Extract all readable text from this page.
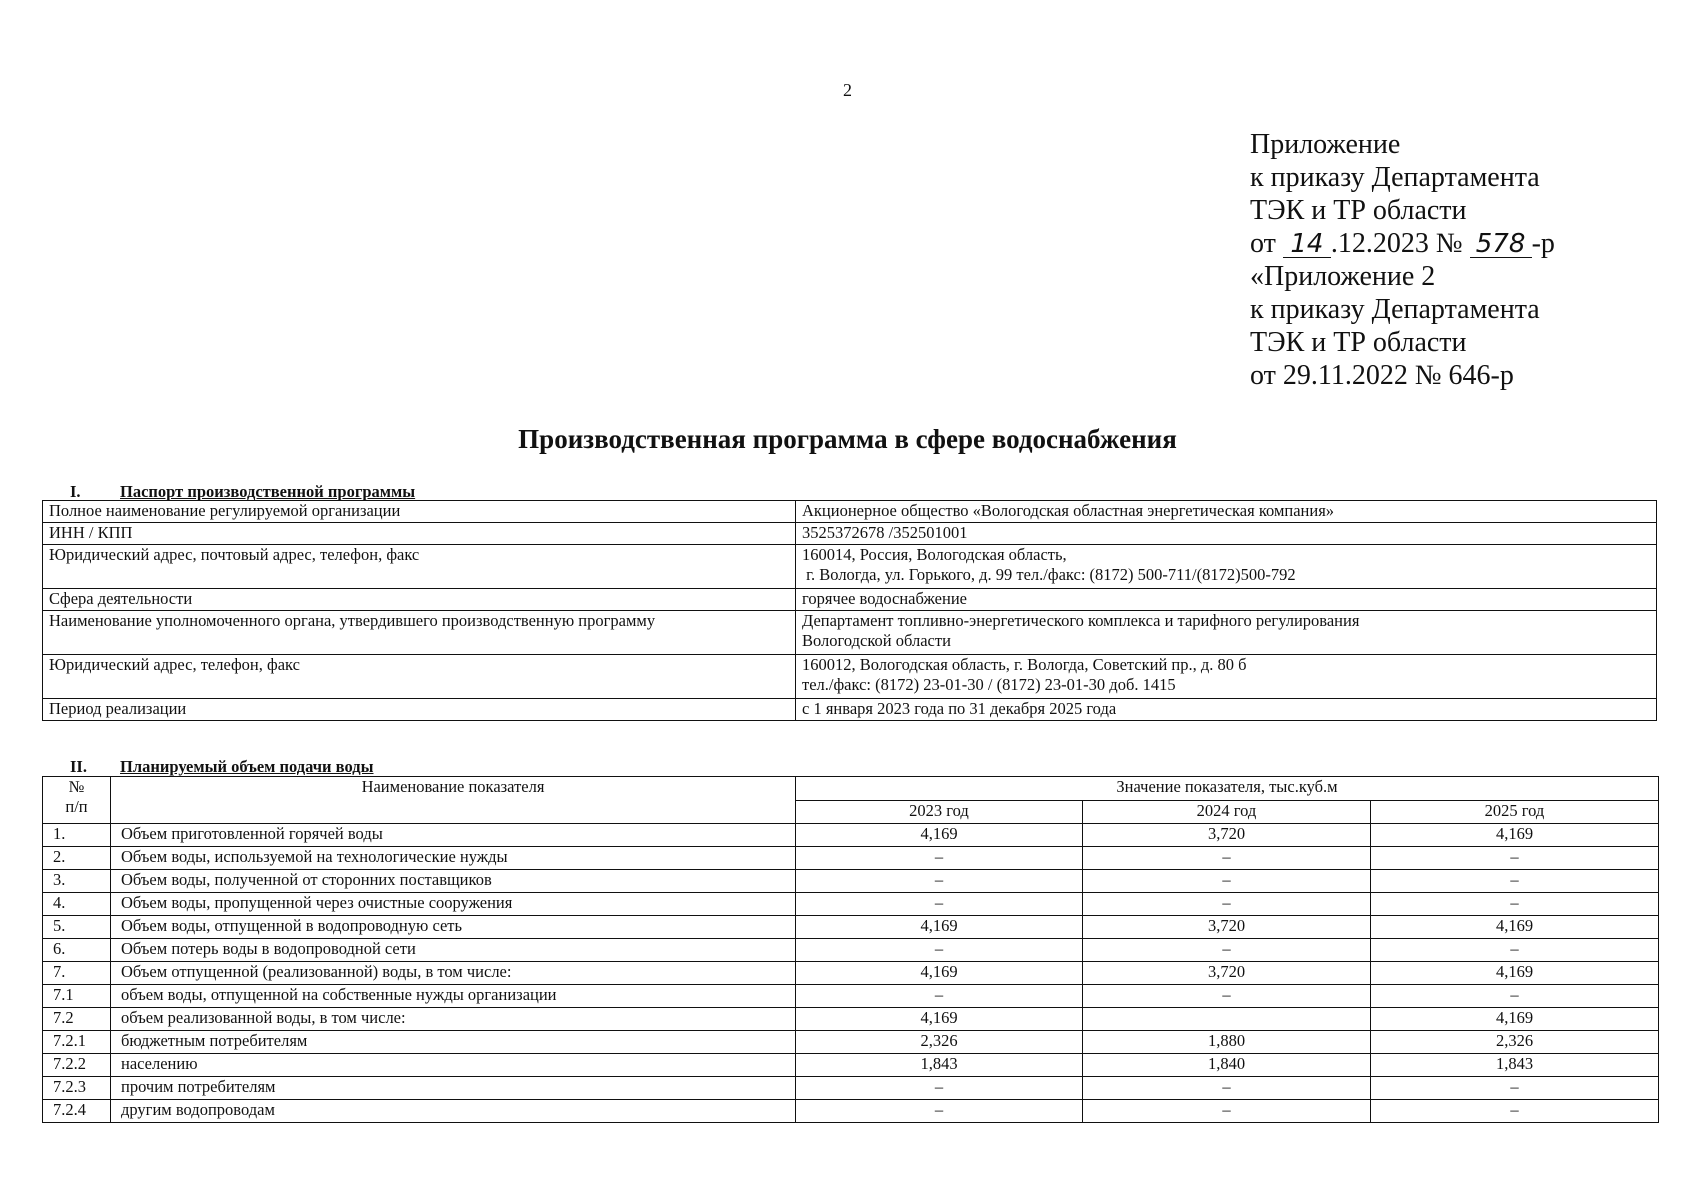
2
Приложение
к приказу Департамента
ТЭК и ТР области
от 14 .12.2023 № 578 -р
«Приложение 2
к приказу Департамента
ТЭК и ТР области
от 29.11.2022 № 646-р
Производственная программа в сфере водоснабжения
I. Паспорт производственной программы
Полное наименование регулируемой организации	Акционерное общество «Вологодская областная энергетическая компания»
ИНН / КПП	3525372678 /352501001
Юридический адрес, почтовый адрес, телефон, факс	160014, Россия, Вологодская область,
г. Вологда, ул. Горького, д. 99 тел./факс: (8172) 500-711/(8172)500-792
Сфера деятельности	горячее водоснабжение
Наименование уполномоченного органа, утвердившего производственную программу	Департамент топливно-энергетического комплекса и тарифного регулирования
Вологодской области
Юридический адрес, телефон, факс	160012, Вологодская область, г. Вологда, Советский пр., д. 80 б
тел./факс: (8172) 23-01-30 / (8172) 23-01-30 доб. 1415
Период реализации	с 1 января 2023 года по 31 декабря 2025 года
II. Планируемый объем подачи воды
№
п/п	Наименование показателя	Значение показателя, тыс.куб.м		
		2023 год	2024 год	2025 год
1.	Объем приготовленной горячей воды	4,169	3,720	4,169
2.	Объем воды, используемой на технологические нужды	–	–	–
3.	Объем воды, полученной от сторонних поставщиков	–	–	–
4.	Объем воды, пропущенной через очистные сооружения	–	–	–
5.	Объем воды, отпущенной в водопроводную сеть	4,169	3,720	4,169
6.	Объем потерь воды в водопроводной сети	–	–	–
7.	Объем отпущенной (реализованной) воды, в том числе:	4,169	3,720	4,169
7.1	объем воды, отпущенной на собственные нужды организации	–	–	–
7.2	объем реализованной воды, в том числе:	4,169		4,169
7.2.1	бюджетным потребителям	2,326	1,880	2,326
7.2.2	населению	1,843	1,840	1,843
7.2.3	прочим потребителям	–	–	–
7.2.4	другим водопроводам	–	–	–
